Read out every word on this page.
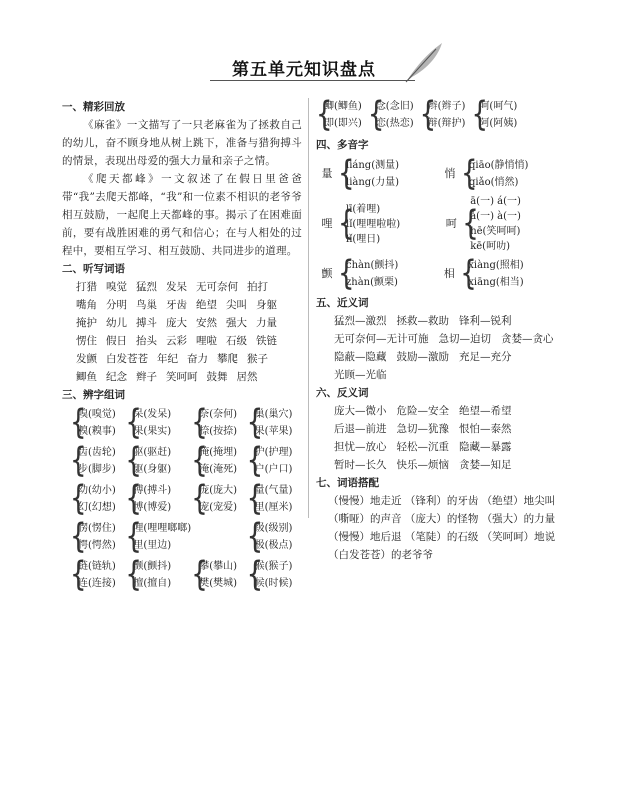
第五单元知识盘点
一、精彩回放

《麻雀》一文描写了一只老麻雀为了拯救自己的幼儿，奋不顾身地从树上跳下，准备与猎狗搏斗的情景，表现出母爱的强大力量和亲子之情。

《爬天都峰》一文叙述了在假日里爸爸带“我”去爬天都峰，“我”和一位素不相识的老爷爷相互鼓励，一起爬上天都峰的事。揭示了在困难面前，要有战胜困难的勇气和信心；在与人相处的过程中，要相互学习、相互鼓励、共同进步的道理。

二、听写词语
打猎 嗅觉 猛烈 发呆 无可奈何 拍打
嘴角 分明 鸟巢 牙齿 绝望 尖叫 身躯
掩护 幼儿 搏斗 庞大 安然 强大 力量
愣住 假日 抬头 云彩 哩啦 石级 铁链
发颤 白发苍苍 年纪 奋力 攀爬 猴子
鲫鱼 纪念 辫子 笑呵呵 鼓舞 居然
三、辨字组词
{
嗅(嗅觉)
糗(糗事) {
呆(发呆)
果(果实) {
奈(奈何)
捺(按捺) {
巢(巢穴)
果(苹果)
{
齿(齿轮)
步(脚步) {
驱(驱赶)
躯(身躯) {
掩(掩埋)
淹(淹死) {
护(护理)
户(户口)
{
幼(幼小)
幻(幻想) {
搏(搏斗)
博(博爱) {
庞(庞大)
宠(宠爱) {
量(气量)
里(厘米)
{
愣(愣住)
愕(愕然) {
哩(哩哩啷啷)
里(里边)	{
级(级别)
极(极点)
{
链(链轨)
连(连接) {
颤(颤抖)
擅(擅自) {
攀(攀山)
樊(樊城) {
猴(猴子)
候(时候)
{
鲫(鲫鱼)
即(即兴) {
念(念旧)
恋(热恋) {
辫(辫子)
辩(辩护) {
呵(呵气)
阿(阿姨)
四、多音字
量 {
liáng(测量)
liàng(力量)
悄 {
qiāo(静悄悄)
qiǎo(悄然)
哩 {
lī(着哩)
lǐ(哩哩啦啦)
lǐ(哩日)
呵 {
ā(一) á(一)
ǎ(一) à(一)
hē(笑呵呵)
kē(呵叻)
颤 {
chàn(颤抖)
zhàn(颤栗)
相 {
xiàng(照相)
xiāng(相当)
五、近义词
猛烈—激烈 拯救—救助 锋利—锐利
无可奈何—无计可施 急切—迫切 贪婪—贪心
隐蔽—隐藏 鼓励—激励 充足—充分
光顾—光临
六、反义词
庞大—微小 危险—安全 绝望—希望
后退—前进 急切—犹豫 恨怕—泰然
担忧—放心 轻松—沉重 隐藏—暴露
暂时—长久 快乐—烦恼 贪婪—知足
七、词语搭配
（慢慢）地走近 （锋利）的牙齿 （绝望）地尖叫
（嘶哑）的声音 （庞大）的怪物 （强大）的力量
（慢慢）地后退 （笔陡）的石级 （笑呵呵）地说
（白发苍苍）的老爷爷
